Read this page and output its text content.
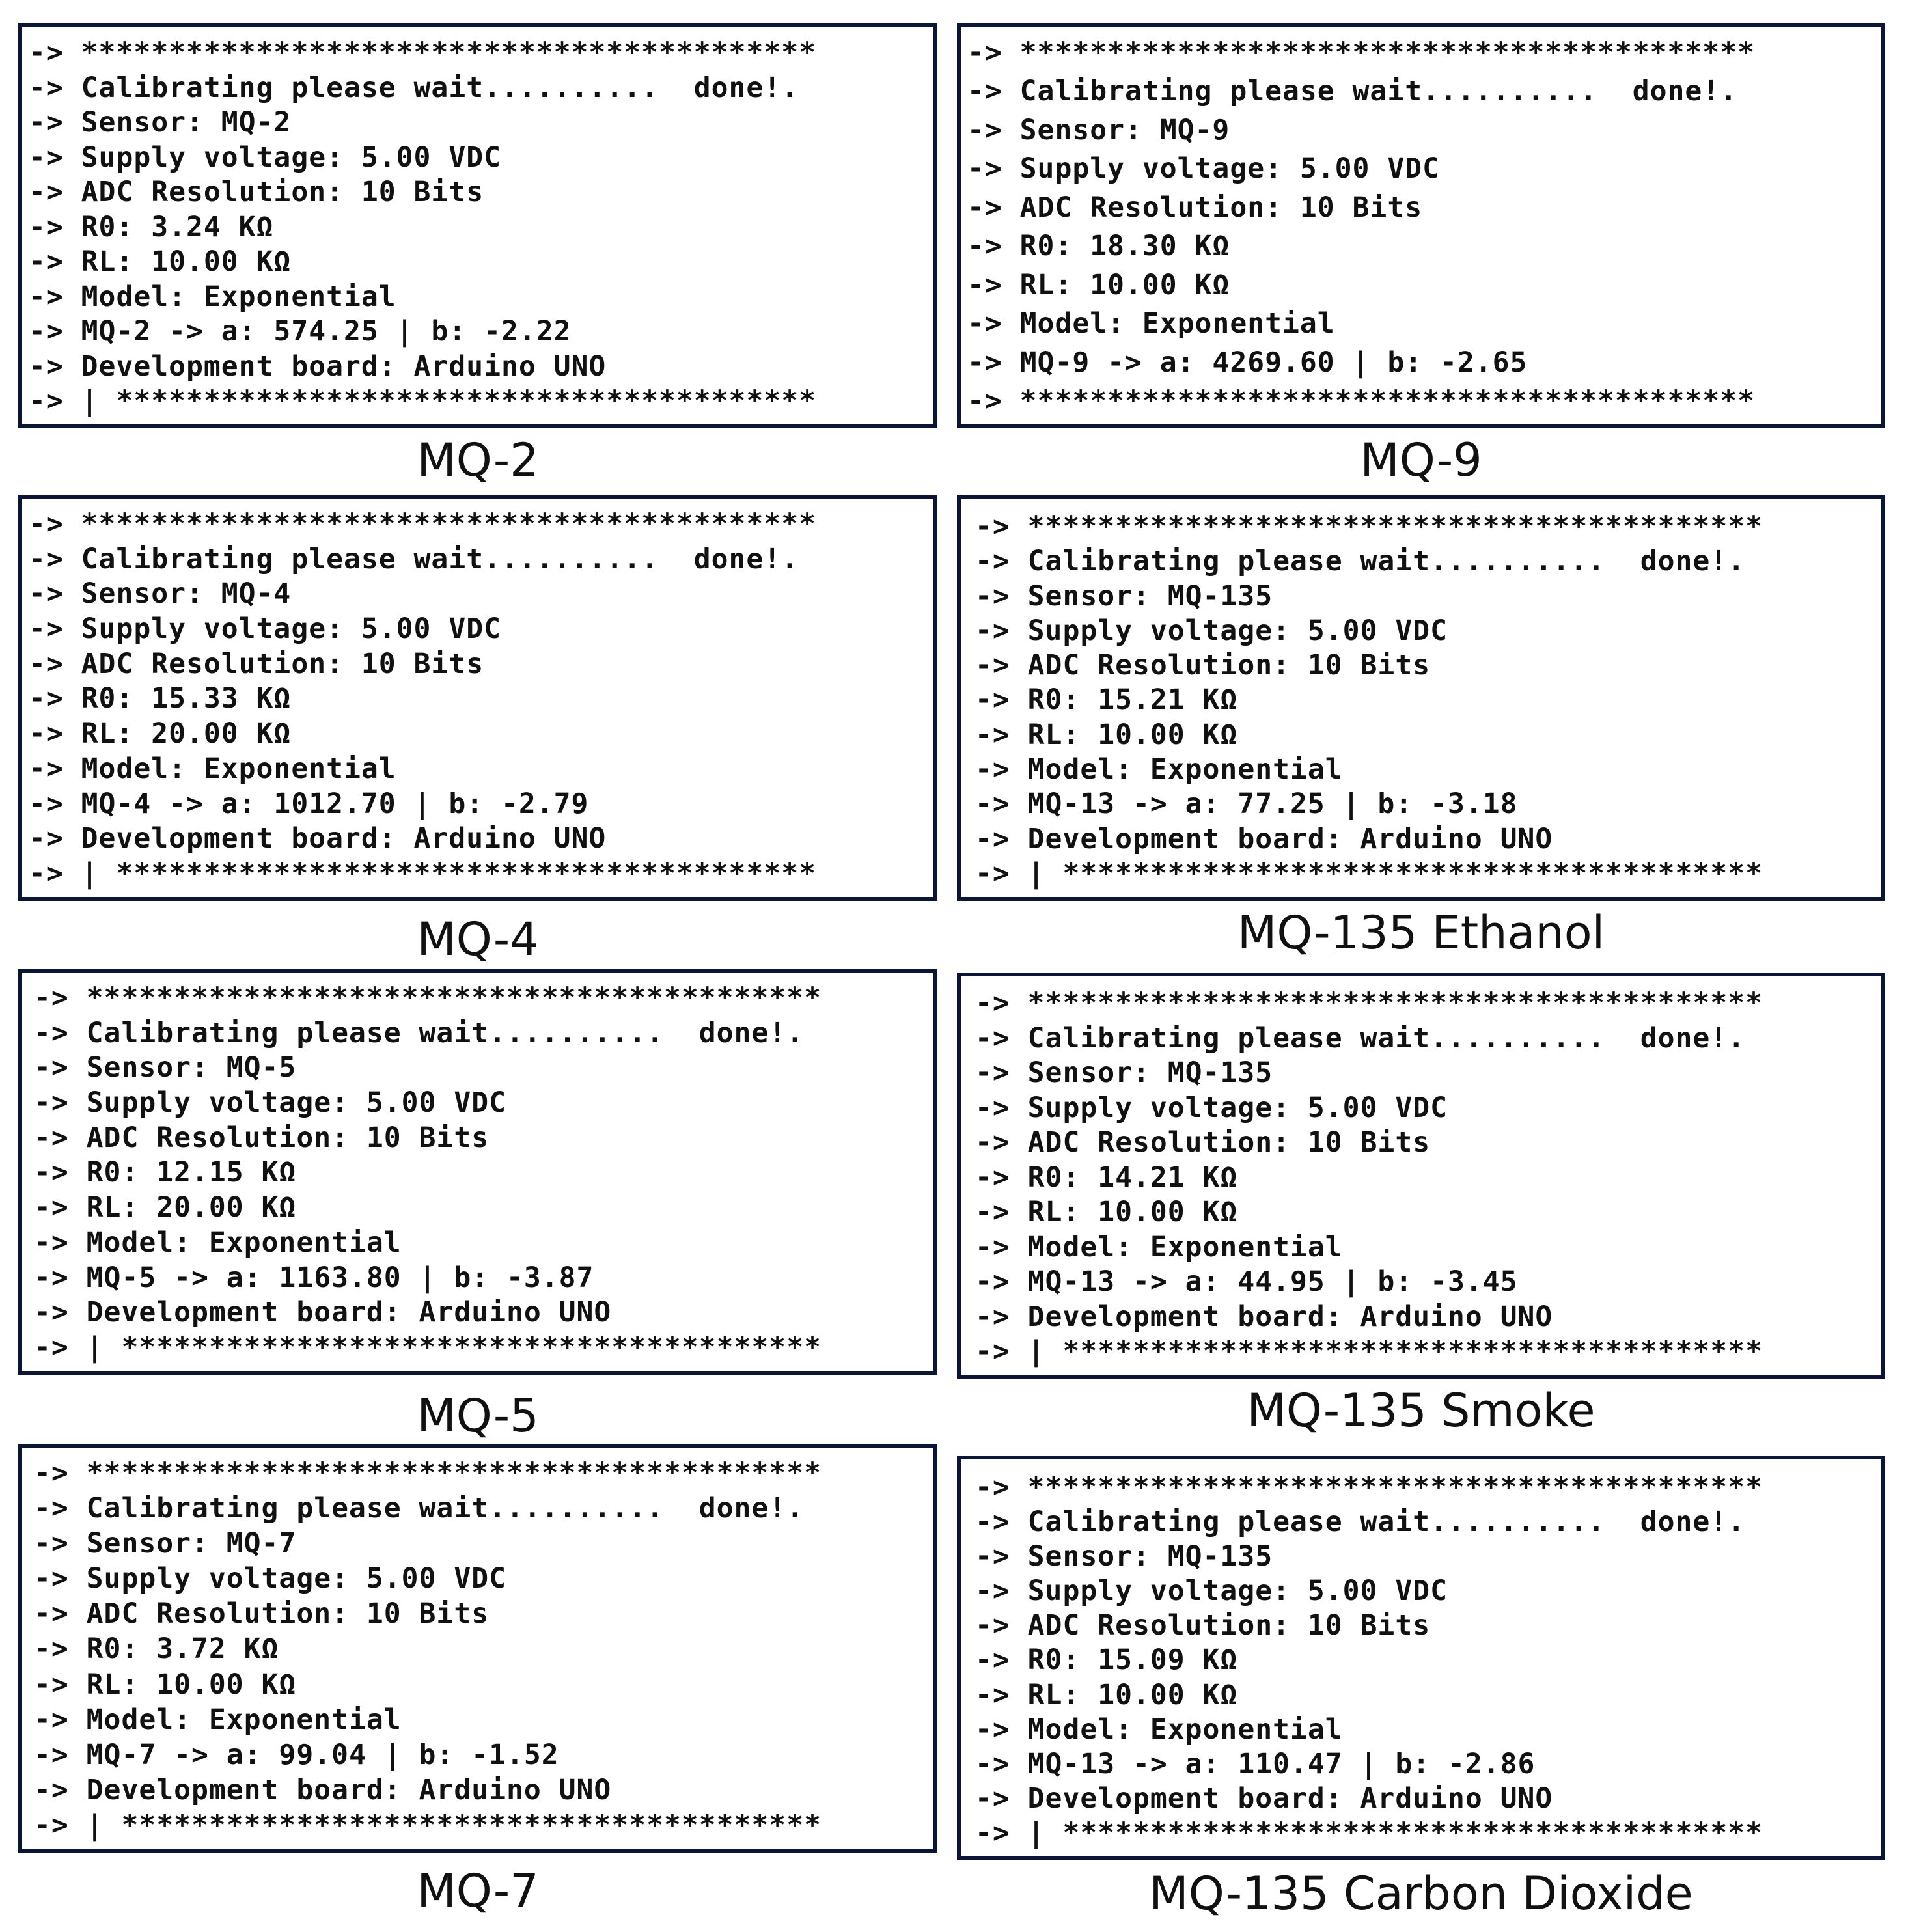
-> ******************************************
-> Calibrating please wait..........  done!.
-> Sensor: MQ-2
-> Supply voltage: 5.00 VDC
-> ADC Resolution: 10 Bits
-> R0: 3.24 KΩ
-> RL: 10.00 KΩ
-> Model: Exponential
-> MQ-2 -> a: 574.25 | b: -2.22
-> Development board: Arduino UNO
-> | ****************************************
MQ-2
-> ******************************************
-> Calibrating please wait..........  done!.
-> Sensor: MQ-9
-> Supply voltage: 5.00 VDC
-> ADC Resolution: 10 Bits
-> R0: 18.30 KΩ
-> RL: 10.00 KΩ
-> Model: Exponential
-> MQ-9 -> a: 4269.60 | b: -2.65
-> ******************************************
MQ-9
-> ******************************************
-> Calibrating please wait..........  done!.
-> Sensor: MQ-4
-> Supply voltage: 5.00 VDC
-> ADC Resolution: 10 Bits
-> R0: 15.33 KΩ
-> RL: 20.00 KΩ
-> Model: Exponential
-> MQ-4 -> a: 1012.70 | b: -2.79
-> Development board: Arduino UNO
-> | ****************************************
MQ-4
-> ******************************************
-> Calibrating please wait..........  done!.
-> Sensor: MQ-135
-> Supply voltage: 5.00 VDC
-> ADC Resolution: 10 Bits
-> R0: 15.21 KΩ
-> RL: 10.00 KΩ
-> Model: Exponential
-> MQ-13 -> a: 77.25 | b: -3.18
-> Development board: Arduino UNO
-> | ****************************************
MQ-135 Ethanol
-> ******************************************
-> Calibrating please wait..........  done!.
-> Sensor: MQ-5
-> Supply voltage: 5.00 VDC
-> ADC Resolution: 10 Bits
-> R0: 12.15 KΩ
-> RL: 20.00 KΩ
-> Model: Exponential
-> MQ-5 -> a: 1163.80 | b: -3.87
-> Development board: Arduino UNO
-> | ****************************************
MQ-5
-> ******************************************
-> Calibrating please wait..........  done!.
-> Sensor: MQ-135
-> Supply voltage: 5.00 VDC
-> ADC Resolution: 10 Bits
-> R0: 14.21 KΩ
-> RL: 10.00 KΩ
-> Model: Exponential
-> MQ-13 -> a: 44.95 | b: -3.45
-> Development board: Arduino UNO
-> | ****************************************
MQ-135 Smoke
-> ******************************************
-> Calibrating please wait..........  done!.
-> Sensor: MQ-7
-> Supply voltage: 5.00 VDC
-> ADC Resolution: 10 Bits
-> R0: 3.72 KΩ
-> RL: 10.00 KΩ
-> Model: Exponential
-> MQ-7 -> a: 99.04 | b: -1.52
-> Development board: Arduino UNO
-> | ****************************************
MQ-7
-> ******************************************
-> Calibrating please wait..........  done!.
-> Sensor: MQ-135
-> Supply voltage: 5.00 VDC
-> ADC Resolution: 10 Bits
-> R0: 15.09 KΩ
-> RL: 10.00 KΩ
-> Model: Exponential
-> MQ-13 -> a: 110.47 | b: -2.86
-> Development board: Arduino UNO
-> | ****************************************
MQ-135 Carbon Dioxide
